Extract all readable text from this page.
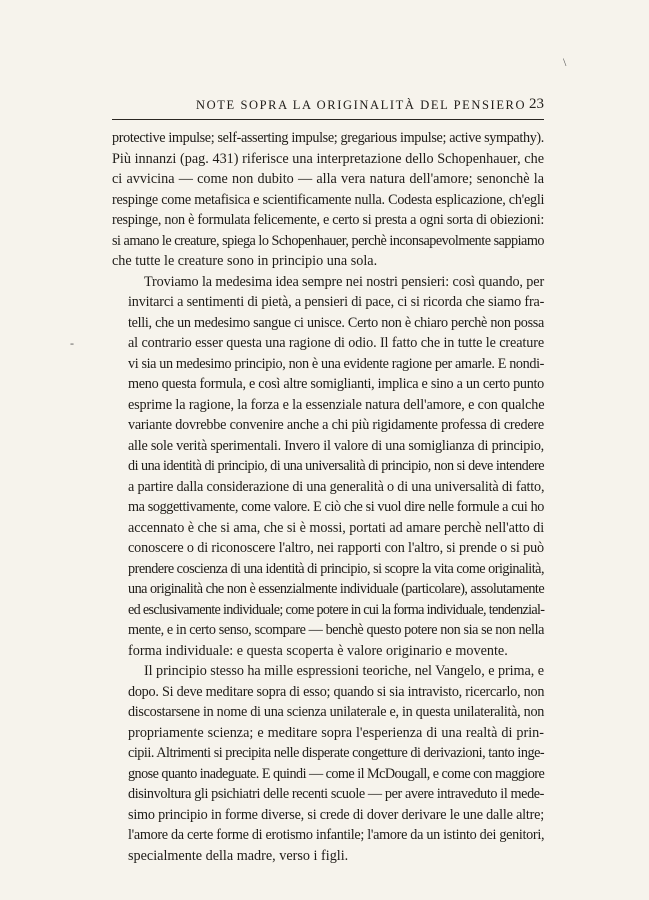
NOTE SOPRA LA ORIGINALITÀ DEL PENSIERO 23

protective impulse; self-asserting impulse; gregarious impulse; active sympathy).
Più innanzi (pag. 431) riferisce una interpretazione dello Schopenhauer, che
ci avvicina — come non dubito — alla vera natura dell'amore; senonchè la
respinge come metafisica e scientificamente nulla. Codesta esplicazione, ch'egli
respinge, non è formulata felicemente, e certo si presta a ogni sorta di obiezioni:
si amano le creature, spiega lo Schopenhauer, perchè inconsapevolmente sappiamo
che tutte le creature sono in principio una sola.

Troviamo la medesima idea sempre nei nostri pensieri: così quando, per
invitarci a sentimenti di pietà, a pensieri di pace, ci si ricorda che siamo fra-
telli, che un medesimo sangue ci unisce. Certo non è chiaro perchè non possa
al contrario esser questa una ragione di odio. Il fatto che in tutte le creature
vi sia un medesimo principio, non è una evidente ragione per amarle. E nondi-
meno questa formula, e così altre somiglianti, implica e sino a un certo punto
esprime la ragione, la forza e la essenziale natura dell'amore, e con qualche
variante dovrebbe convenire anche a chi più rigidamente professa di credere
alle sole verità sperimentali. Invero il valore di una somiglianza di principio,
di una identità di principio, di una universalità di principio, non si deve intendere
a partire dalla considerazione di una generalità o di una universalità di fatto,
ma soggettivamente, come valore. E ciò che si vuol dire nelle formule a cui ho
accennato è che si ama, che si è mossi, portati ad amare perchè nell'atto di
conoscere o di riconoscere l'altro, nei rapporti con l'altro, si prende o si può
prendere coscienza di una identità di principio, si scopre la vita come originalità,
una originalità che non è essenzialmente individuale (particolare), assolutamente
ed esclusivamente individuale; come potere in cui la forma individuale, tendenzial-
mente, e in certo senso, scompare — benchè questo potere non sia se non nella
forma individuale: e questa scoperta è valore originario e movente.

Il principio stesso ha mille espressioni teoriche, nel Vangelo, e prima, e
dopo. Si deve meditare sopra di esso; quando si sia intravisto, ricercarlo, non
discostarsene in nome di una scienza unilaterale e, in questa unilateralità, non
propriamente scienza; e meditare sopra l'esperienza di una realtà di prin-
cipii. Altrimenti si precipita nelle disperate congetture di derivazioni, tanto inge-
gnose quanto inadeguate. E quindi — come il McDougall, e come con maggiore
disinvoltura gli psichiatri delle recenti scuole — per avere intraveduto il mede-
simo principio in forme diverse, si crede di dover derivare le une dalle altre;
l'amore da certe forme di erotismo infantile; l'amore da un istinto dei genitori,
specialmente della madre, verso i figli.

\
-
